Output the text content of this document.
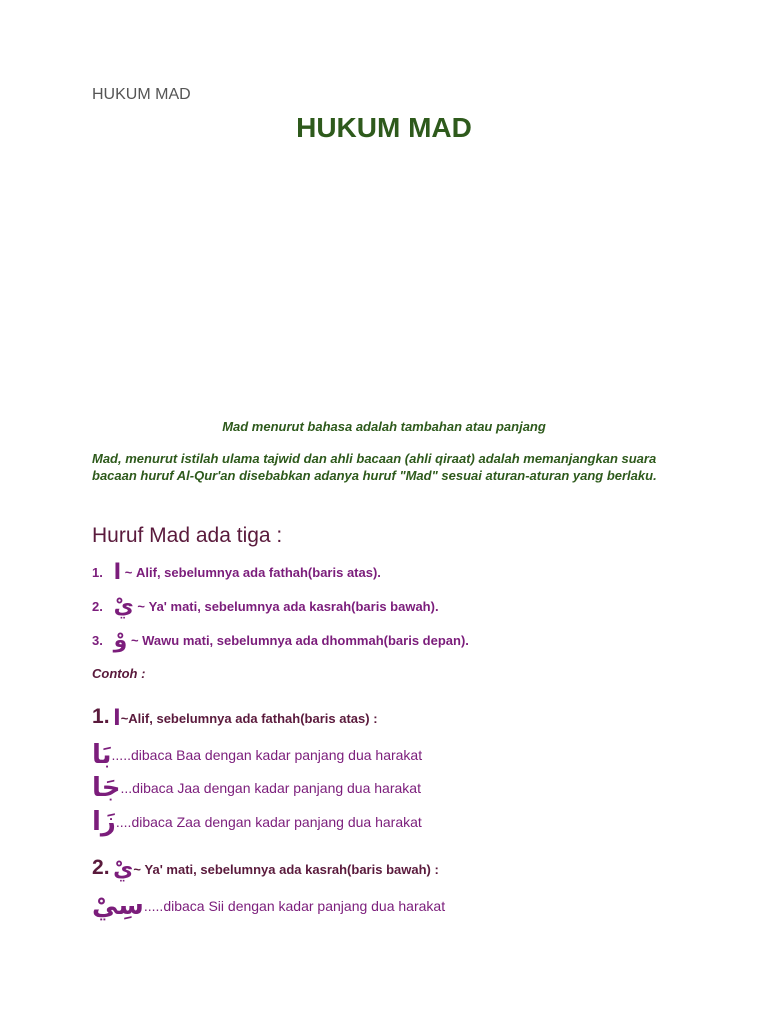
HUKUM MAD
HUKUM MAD
Mad menurut bahasa adalah tambahan atau panjang
Mad, menurut istilah ulama tajwid dan ahli bacaan (ahli qiraat) adalah memanjangkan suara bacaan huruf Al-Qur'an disebabkan adanya huruf "Mad" sesuai aturan-aturan yang berlaku.
Huruf Mad ada tiga :
1. ا ~ Alif, sebelumnya ada fathah(baris atas).
2. يْ ~ Ya' mati, sebelumnya ada kasrah(baris bawah).
3. وْ ~ Wawu mati, sebelumnya ada dhommah(baris depan).
Contoh :
1. ا~Alif, sebelumnya ada fathah(baris atas) :
بَا.....dibaca Baa dengan kadar panjang dua harakat
جَا...dibaca Jaa dengan kadar panjang dua harakat
زَا....dibaca Zaa dengan kadar panjang dua harakat
2. يْ~ Ya' mati, sebelumnya ada kasrah(baris bawah) :
سِيْ.....dibaca Sii dengan kadar panjang dua harakat
